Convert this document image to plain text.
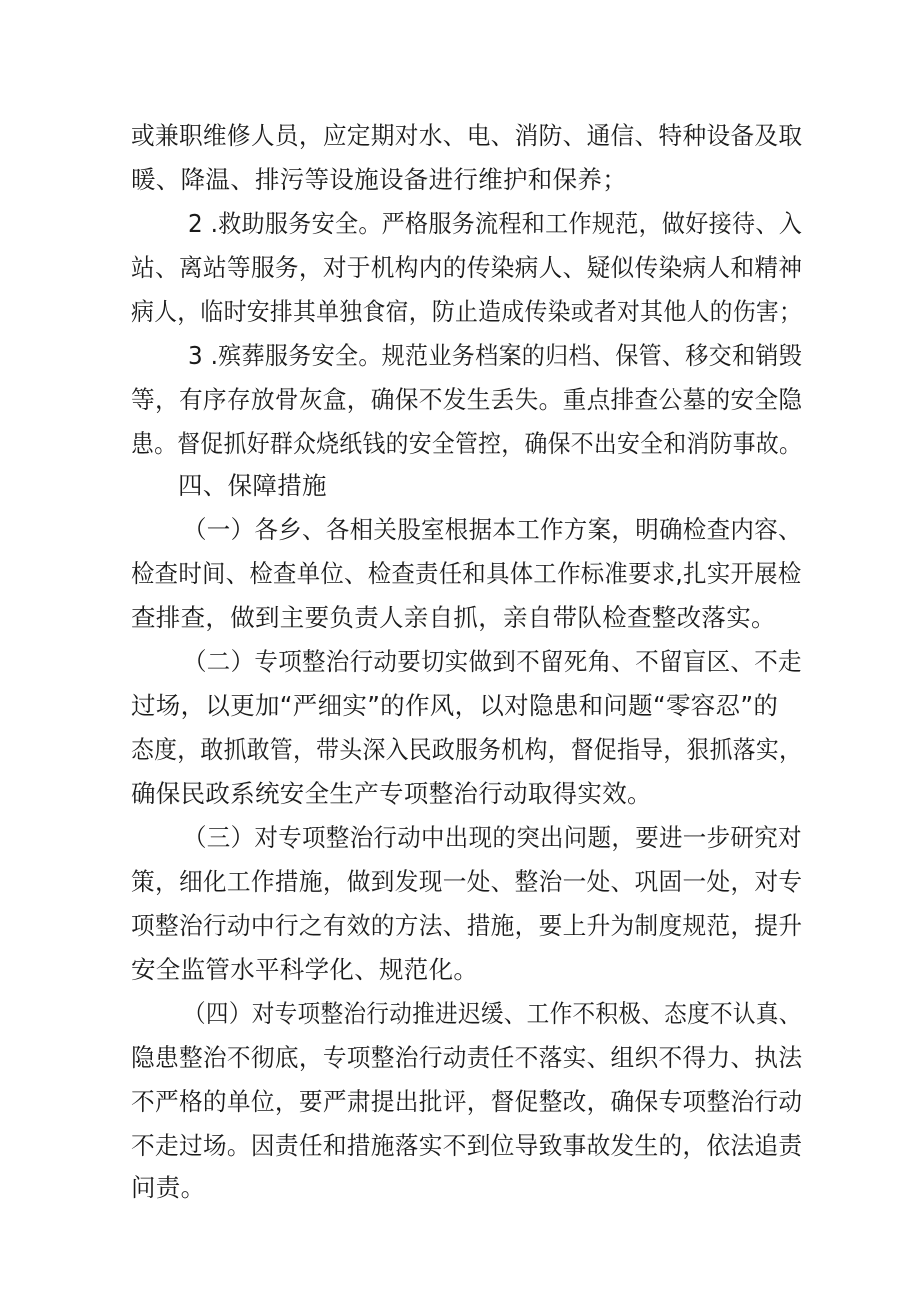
或兼职维修人员，应定期对水、电、消防、通信、特种设备及取
暖、降温、排污等设施设备进行维护和保养；
2 .救助服务安全。严格服务流程和工作规范，做好接待、入
站、离站等服务，对于机构内的传染病人、疑似传染病人和精神
病人，临时安排其单独食宿，防止造成传染或者对其他人的伤害；
3 .殡葬服务安全。规范业务档案的归档、保管、移交和销毁
等，有序存放骨灰盒，确保不发生丢失。重点排查公墓的安全隐
患。督促抓好群众烧纸钱的安全管控，确保不出安全和消防事故。
四、保障措施
（一）各乡、各相关股室根据本工作方案，明确检查内容、
检查时间、检查单位、检查责任和具体工作标准要求,扎实开展检
查排查，做到主要负责人亲自抓，亲自带队检查整改落实。
（二）专项整治行动要切实做到不留死角、不留盲区、不走
过场，以更加“严细实”的作风，以对隐患和问题“零容忍”的
态度，敢抓敢管，带头深入民政服务机构，督促指导，狠抓落实，
确保民政系统安全生产专项整治行动取得实效。
（三）对专项整治行动中出现的突出问题，要进一步研究对
策，细化工作措施，做到发现一处、整治一处、巩固一处，对专
项整治行动中行之有效的方法、措施，要上升为制度规范，提升
安全监管水平科学化、规范化。
（四）对专项整治行动推进迟缓、工作不积极、态度不认真、
隐患整治不彻底，专项整治行动责任不落实、组织不得力、执法
不严格的单位，要严肃提出批评，督促整改，确保专项整治行动
不走过场。因责任和措施落实不到位导致事故发生的，依法追责
问责。
